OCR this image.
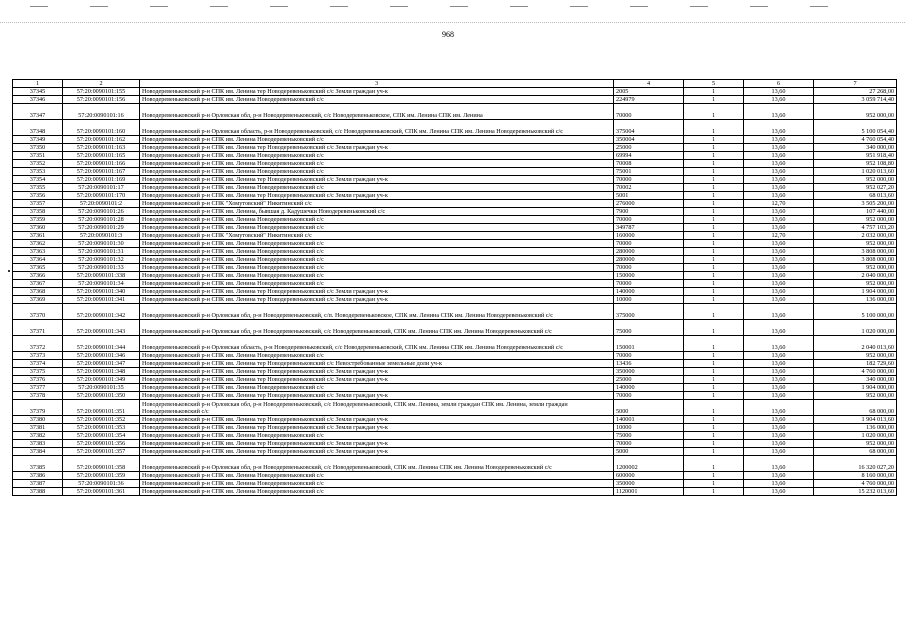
968
1	2	3	4	5	6	7
37345	57:20:0090101:155	Новодеревеньковский р-н СПК им. Ленина тер Новодеревеньковский с/с Земли граждан уч-к	2005	1	13,60	27 268,00
37346	57:20:0090101:156	Новодеревеньковский р-н СПК им. Ленина Новодеревеньковский с/с	224979	1	13,60	3 059 714,40
37347	57:20:0090101:16	Новодеревеньковский р-н Орловская обл, р-н Новодеревеньковский, с/с Новодеревеньковское, СПК им. Ленина СПК им. Ленина	70000	1	13,60	952 000,00
37348	57:20:0090101:160	Новодеревеньковский р-н Орловская область, р-н Новодеревеньковский, с/с Новодеревеньковский, СПК им. Ленина СПК им. Ленина Новодеревеньковский с/с	375004	1	13,60	5 100 054,40
37349	57:20:0090101:162	Новодеревеньковский р-н СПК им. Ленина Новодеревеньковский с/с	350004	1	13,60	4 760 054,40
37350	57:20:0090101:163	Новодеревеньковский р-н СПК им. Ленина тер Новодеревеньковский с/с Земли граждан уч-к	25000	1	13,60	340 000,00
37351	57:20:0090101:165	Новодеревеньковский р-н СПК им. Ленина Новодеревеньковский с/с	69994	1	13,60	951 918,40
37352	57:20:0090101:166	Новодеревеньковский р-н СПК им. Ленина Новодеревеньковский с/с	70008	1	13,60	952 108,80
37353	57:20:0090101:167	Новодеревеньковский р-н СПК им. Ленина Новодеревеньковский с/с	75001	1	13,60	1 020 013,60
37354	57:20:0090101:169	Новодеревеньковский р-н СПК им. Ленина тер Новодеревеньковский с/с Земли граждан уч-к	70000	1	13,60	952 000,00
37355	57:20:0090101:17	Новодеревеньковский р-н СПК им. Ленина Новодеревеньковский с/с	70002	1	13,60	952 027,20
37356	57:20:0090101:170	Новодеревеньковский р-н СПК им. Ленина тер Новодеревеньковский с/с Земли граждан уч-к	5001	1	13,60	68 013,60
37357	57:20:0090101:2	Новодеревеньковский р-н СПК "Хомутовский" Никитинский с/с	276000	1	12,70	3 505 200,00
37358	57:20:0090101:26	Новодеревеньковский р-н СПК им. Ленина, бывшая д. Кадушечки Новодеревеньковский с/с	7900	1	13,60	107 440,00
37359	57:20:0090101:28	Новодеревеньковский р-н СПК им. Ленина Новодеревеньковский с/с	70000	1	13,60	952 000,00
37360	57:20:0090101:29	Новодеревеньковский р-н СПК им. Ленина Новодеревеньковский с/с	349787	1	13,60	4 757 103,20
37361	57:20:0090101:3	Новодеревеньковский р-н СПК "Хомутовский" Никитинский с/с	160000	1	12,70	2 032 000,00
37362	57:20:0090101:30	Новодеревеньковский р-н СПК им. Ленина Новодеревеньковский с/с	70000	1	13,60	952 000,00
37363	57:20:0090101:31	Новодеревеньковский р-н СПК им. Ленина Новодеревеньковский с/с	280000	1	13,60	3 808 000,00
37364	57:20:0090101:32	Новодеревеньковский р-н СПК им. Ленина Новодеревеньковский с/с	280000	1	13,60	3 808 000,00
37365	57:20:0090101:33	Новодеревеньковский р-н СПК им. Ленина Новодеревеньковский с/с	70000	1	13,60	952 000,00
37366	57:20:0090101:338	Новодеревеньковский р-н СПК им. Ленина Новодеревеньковский с/с	150000	1	13,60	2 040 000,00
37367	57:20:0090101:34	Новодеревеньковский р-н СПК им. Ленина Новодеревеньковский с/с	70000	1	13,60	952 000,00
37368	57:20:0090101:340	Новодеревеньковский р-н СПК им. Ленина тер Новодеревеньковский с/с Земли граждан уч-к	140000	1	13,60	1 904 000,00
37369	57:20:0090101:341	Новодеревеньковский р-н СПК им. Ленина тер Новодеревеньковский с/с Земли граждан уч-к	10000	1	13,60	136 000,00
37370	57:20:0090101:342	Новодеревеньковский р-н Орловская обл, р-н Новодеревеньковский, с/п. Новодеревеньковское, СПК им. Ленина СПК им. Ленина Новодеревеньковский с/с	375000	1	13,60	5 100 000,00
37371	57:20:0090101:343	Новодеревеньковский р-н Орловская обл, р-н Новодеревеньковский, с/с Новодеревеньковский, СПК им. Ленина СПК им. Ленина Новодеревеньковский с/с	75000	1	13,60	1 020 000,00
37372	57:20:0090101:344	Новодеревеньковский р-н Орловская область, р-н Новодеревеньковский, с/с Новодеревеньковский, СПК им. Ленина СПК им. Ленина Новодеревеньковский с/с	150001	1	13,60	2 040 013,60
37373	57:20:0090101:346	Новодеревеньковский р-н СПК им. Ленина Новодеревеньковский с/с	70000	1	13,60	952 000,00
37374	57:20:0090101:347	Новодеревеньковский р-н СПК им. Ленина тер Новодеревеньковский с/с Невостребованные земельные доли уч-к	13436	1	13,60	182 729,60
37375	57:20:0090101:348	Новодеревеньковский р-н СПК им. Ленина тер Новодеревеньковский с/с Земли граждан уч-к	350000	1	13,60	4 760 000,00
37376	57:20:0090101:349	Новодеревеньковский р-н СПК им. Ленина тер Новодеревеньковский с/с Земли граждан уч-к	25000	1	13,60	340 000,00
37377	57:20:0090101:35	Новодеревеньковский р-н СПК им. Ленина Новодеревеньковский с/с	140000	1	13,60	1 904 000,00
37378	57:20:0090101:350	Новодеревеньковский р-н СПК им. Ленина тер Новодеревеньковский с/с Земли граждан уч-к	70000	1	13,60	952 000,00
37379	57:20:0090101:351	Новодеревеньковский р-н Орловская обл, р-н Новодеревеньковский, с/с Новодеревеньковский, СПК им. Ленина, земли граждан СПК им. Ленина, земли граждан Новодеревеньковский с/с	5000	1	13,60	68 000,00
37380	57:20:0090101:352	Новодеревеньковский р-н СПК им. Ленина тер Новодеревеньковский с/с Земли граждан уч-к	140001	1	13,60	1 904 013,60
37381	57:20:0090101:353	Новодеревеньковский р-н СПК им. Ленина тер Новодеревеньковский с/с Земли граждан уч-к	10000	1	13,60	136 000,00
37382	57:20:0090101:354	Новодеревеньковский р-н СПК им. Ленина Новодеревеньковский с/с	75000	1	13,60	1 020 000,00
37383	57:20:0090101:356	Новодеревеньковский р-н СПК им. Ленина тер Новодеревеньковский с/с Земли граждан уч-к	70000	1	13,60	952 000,00
37384	57:20:0090101:357	Новодеревеньковский р-н СПК им. Ленина тер Новодеревеньковский с/с Земли граждан уч-к	5000	1	13,60	68 000,00
37385	57:20:0090101:358	Новодеревеньковский р-н Орловская обл, р-н Новодеревеньковский, с/с Новодеревеньковский, СПК им. Ленина СПК им. Ленина Новодеревеньковский с/с	1200002	1	13,60	16 320 027,20
37386	57:20:0090101:359	Новодеревеньковский р-н СПК им. Ленина Новодеревеньковский с/с	600000	1	13,60	8 160 000,00
37387	57:20:0090101:36	Новодеревеньковский р-н СПК им. Ленина Новодеревеньковский с/с	350000	1	13,60	4 760 000,00
37388	57:20:0090101:361	Новодеревеньковский р-н СПК им. Ленина Новодеревеньковский с/с	1120001	1	13,60	15 232 013,60
